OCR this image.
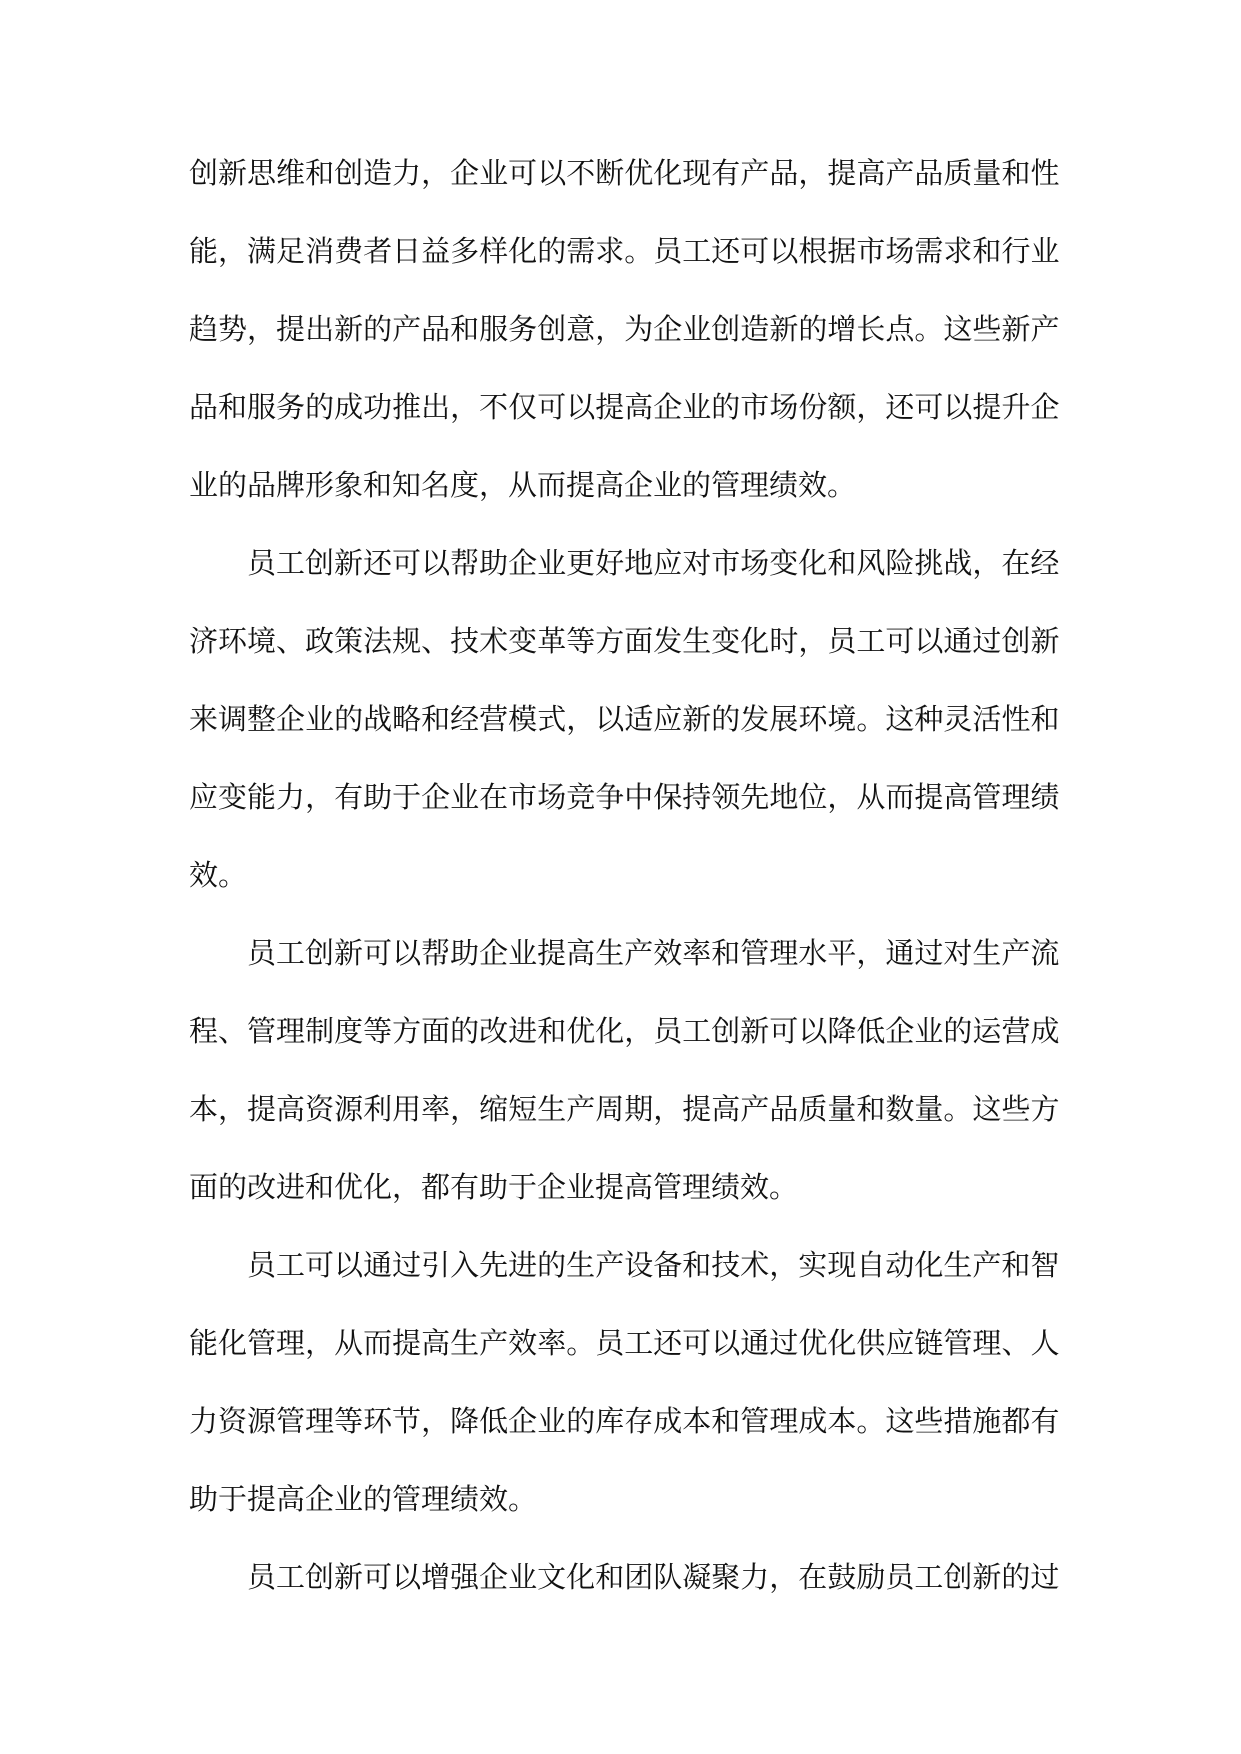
创 新 思 维 和 创 造 力 ， 企 业 可 以 不 断 优 化 现 有 产 品 ， 提 高 产 品 质 量 和 性
能 ， 满 足 消 费 者 日 益 多 样 化 的 需 求 。 员 工 还 可 以 根 据 市 场 需 求 和 行 业
趋 势 ， 提 出 新 的 产 品 和 服 务 创 意 ， 为 企 业 创 造 新 的 增 长 点 。 这 些 新 产
品 和 服 务 的 成 功 推 出 ， 不 仅 可 以 提 高 企 业 的 市 场 份 额 ， 还 可 以 提 升 企
业的品牌形象和知名度，从而提高企业的管理绩效。
员 工 创 新 还 可 以 帮 助 企 业 更 好 地 应 对 市 场 变 化 和 风 险 挑 战 ， 在 经
济 环 境 、 政 策 法 规 、 技 术 变 革 等 方 面 发 生 变 化 时 ， 员 工 可 以 通 过 创 新
来 调 整 企 业 的 战 略 和 经 营 模 式 ， 以 适 应 新 的 发 展 环 境 。 这 种 灵 活 性 和
应 变 能 力 ， 有 助 于 企 业 在 市 场 竞 争 中 保 持 领 先 地 位 ， 从 而 提 高 管 理 绩
效。
员 工 创 新 可 以 帮 助 企 业 提 高 生 产 效 率 和 管 理 水 平 ， 通 过 对 生 产 流
程 、 管 理 制 度 等 方 面 的 改 进 和 优 化 ， 员 工 创 新 可 以 降 低 企 业 的 运 营 成
本 ， 提 高 资 源 利 用 率 ， 缩 短 生 产 周 期 ， 提 高 产 品 质 量 和 数 量 。 这 些 方
面的改进和优化，都有助于企业提高管理绩效。
员 工 可 以 通 过 引 入 先 进 的 生 产 设 备 和 技 术 ， 实 现 自 动 化 生 产 和 智
能 化 管 理 ， 从 而 提 高 生 产 效 率 。 员 工 还 可 以 通 过 优 化 供 应 链 管 理 、 人
力 资 源 管 理 等 环 节 ， 降 低 企 业 的 库 存 成 本 和 管 理 成 本 。 这 些 措 施 都 有
助于提高企业的管理绩效。
员 工 创 新 可 以 增 强 企 业 文 化 和 团 队 凝 聚 力 ， 在 鼓 励 员 工 创 新 的 过
